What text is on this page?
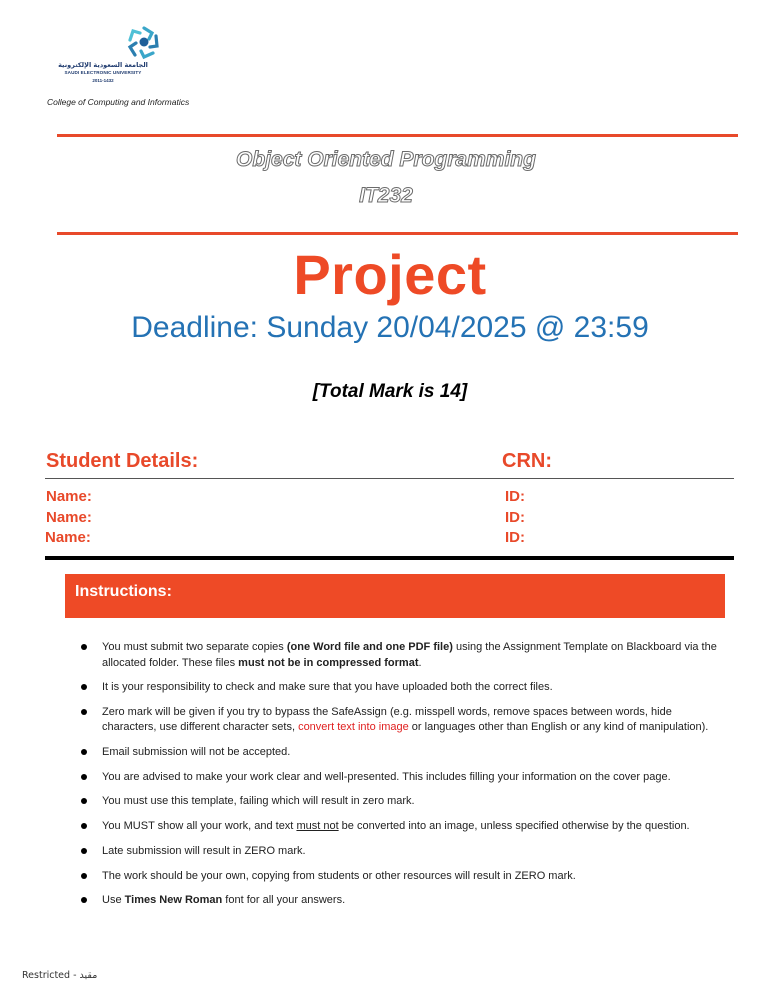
الجامعة السعودية الإلكترونية
SAUDI ELECTRONIC UNIVERSITY
2011-1432
College of Computing and Informatics
Object Oriented Programming
IT232
Project
Deadline: Sunday 20/04/2025 @ 23:59
[Total Mark is 14]
Student Details:	CRN:
Name:
Name:
Name:
ID:
ID:
ID:
Instructions:
You must submit two separate copies (one Word file and one PDF file) using the Assignment Template on Blackboard via the allocated folder. These files must not be in compressed format.
It is your responsibility to check and make sure that you have uploaded both the correct files.
Zero mark will be given if you try to bypass the SafeAssign (e.g. misspell words, remove spaces between words, hide characters, use different character sets, convert text into image or languages other than English or any kind of manipulation).
Email submission will not be accepted.
You are advised to make your work clear and well-presented. This includes filling your information on the cover page.
You must use this template, failing which will result in zero mark.
You MUST show all your work, and text must not be converted into an image, unless specified otherwise by the question.
Late submission will result in ZERO mark.
The work should be your own, copying from students or other resources will result in ZERO mark.
Use Times New Roman font for all your answers.
Restricted - مقيد
